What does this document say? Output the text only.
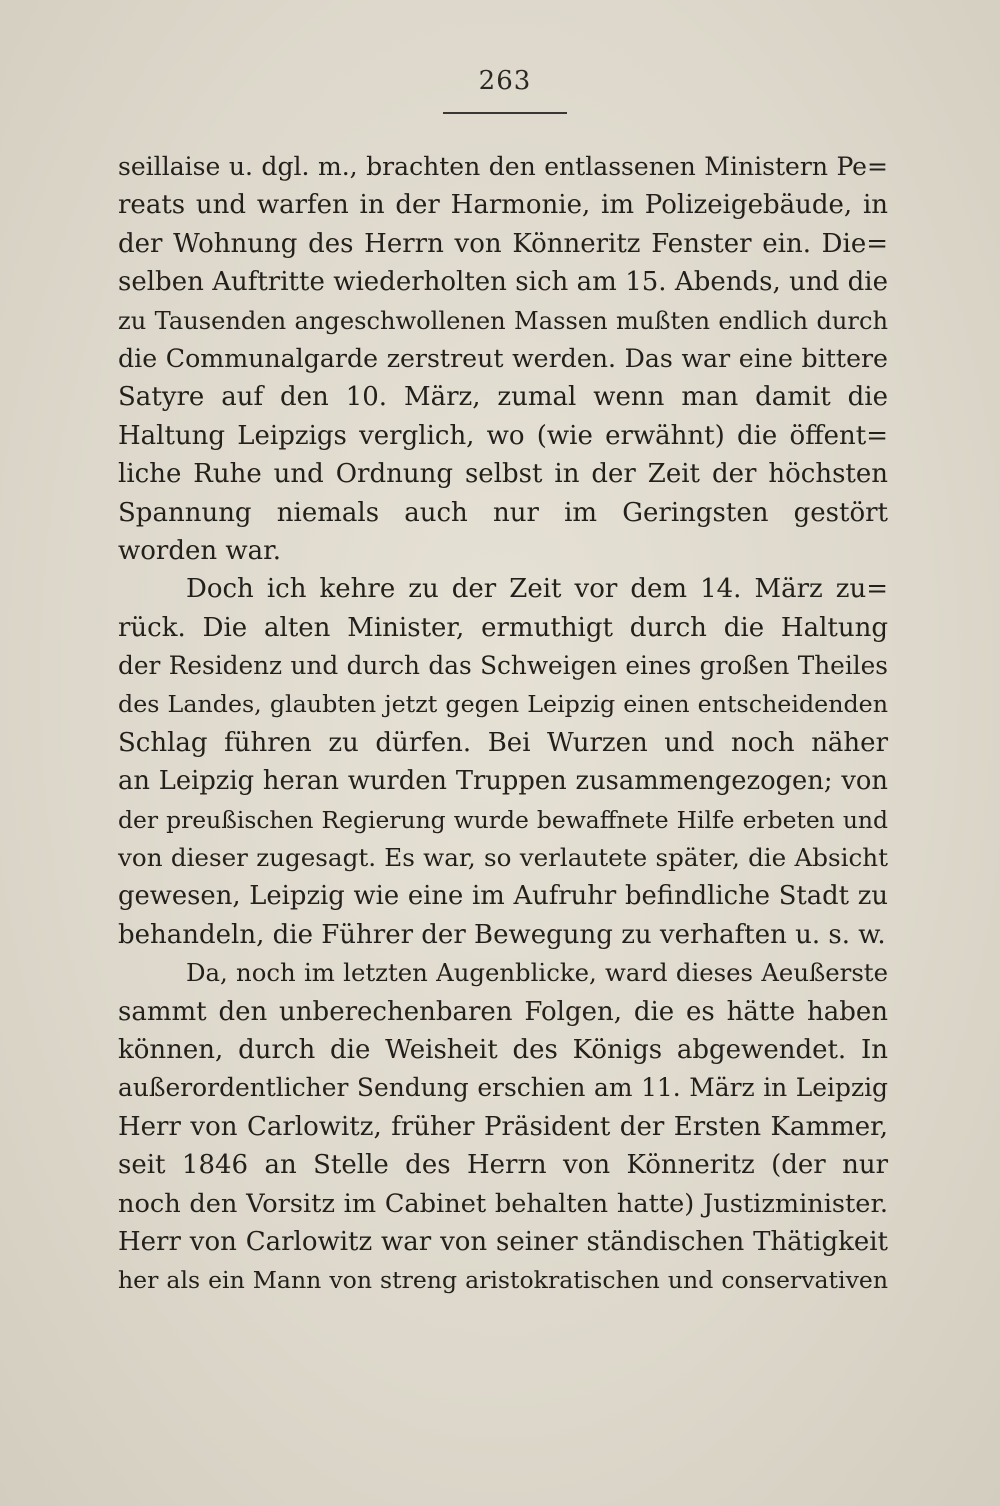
263
seillaise u. dgl. m., brachten den entlassenen Ministern Pe=
reats und warfen in der Harmonie, im Polizeigebäude, in
der Wohnung des Herrn von Könneritz Fenster ein. Die=
selben Auftritte wiederholten sich am 15. Abends, und die
zu Tausenden angeschwollenen Massen mußten endlich durch
die Communalgarde zerstreut werden. Das war eine bittere
Satyre auf den 10. März, zumal wenn man damit die
Haltung Leipzigs verglich, wo (wie erwähnt) die öffent=
liche Ruhe und Ordnung selbst in der Zeit der höchsten
Spannung niemals auch nur im Geringsten gestört
worden war.
Doch ich kehre zu der Zeit vor dem 14. März zu=
rück. Die alten Minister, ermuthigt durch die Haltung
der Residenz und durch das Schweigen eines großen Theiles
des Landes, glaubten jetzt gegen Leipzig einen entscheidenden
Schlag führen zu dürfen. Bei Wurzen und noch näher
an Leipzig heran wurden Truppen zusammengezogen; von
der preußischen Regierung wurde bewaffnete Hilfe erbeten und
von dieser zugesagt. Es war, so verlautete später, die Absicht
gewesen, Leipzig wie eine im Aufruhr befindliche Stadt zu
behandeln, die Führer der Bewegung zu verhaften u. s. w.
Da, noch im letzten Augenblicke, ward dieses Aeußerste
sammt den unberechenbaren Folgen, die es hätte haben
können, durch die Weisheit des Königs abgewendet. In
außerordentlicher Sendung erschien am 11. März in Leipzig
Herr von Carlowitz, früher Präsident der Ersten Kammer,
seit 1846 an Stelle des Herrn von Könneritz (der nur
noch den Vorsitz im Cabinet behalten hatte) Justizminister.
Herr von Carlowitz war von seiner ständischen Thätigkeit
her als ein Mann von streng aristokratischen und conservativen
